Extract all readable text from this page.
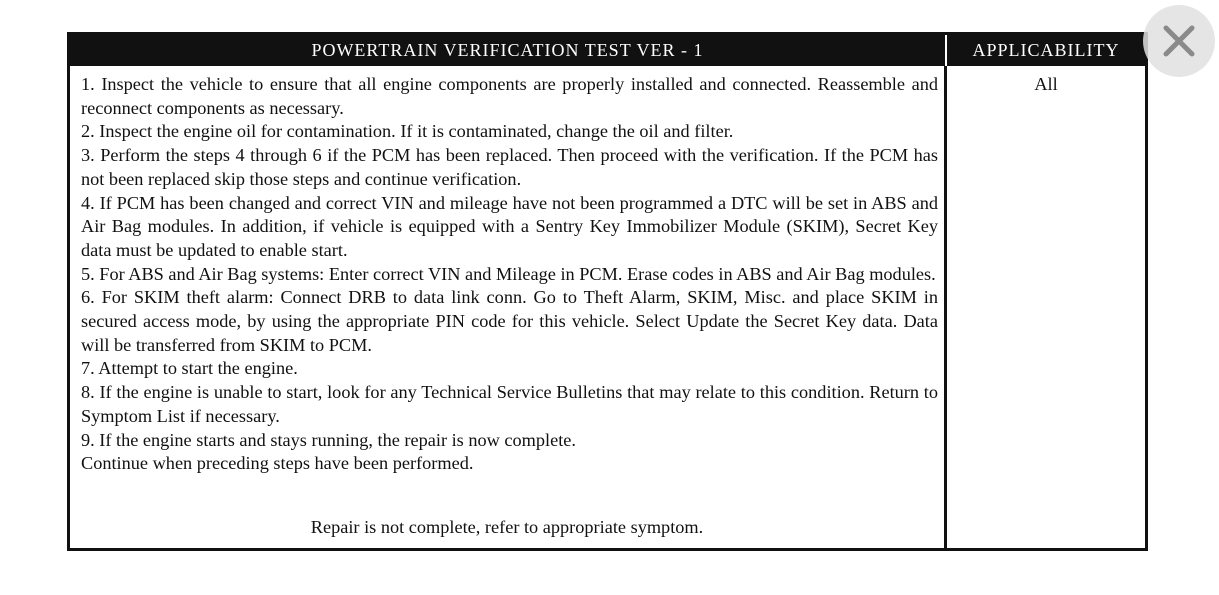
POWERTRAIN VERIFICATION TEST VER - 1	APPLICABILITY

1. Inspect the vehicle to ensure that all engine components are properly installed and connected. Reassemble and reconnect components as necessary.

2. Inspect the engine oil for contamination. If it is contaminated, change the oil and filter.

3. Perform the steps 4 through 6 if the PCM has been replaced. Then proceed with the verification. If the PCM has not been replaced skip those steps and continue verification.

4. If PCM has been changed and correct VIN and mileage have not been programmed a DTC will be set in ABS and Air Bag modules. In addition, if vehicle is equipped with a Sentry Key Immobilizer Module (SKIM), Secret Key data must be updated to enable start.

5. For ABS and Air Bag systems: Enter correct VIN and Mileage in PCM. Erase codes in ABS and Air Bag modules.

6. For SKIM theft alarm: Connect DRB to data link conn. Go to Theft Alarm, SKIM, Misc. and place SKIM in secured access mode, by using the appropriate PIN code for this vehicle. Select Update the Secret Key data. Data will be transferred from SKIM to PCM.

7. Attempt to start the engine.

8. If the engine is unable to start, look for any Technical Service Bulletins that may relate to this condition. Return to Symptom List if necessary.

9. If the engine starts and stays running, the repair is now complete.

Continue when preceding steps have been performed.

Repair is not complete, refer to appropriate symptom.
All
